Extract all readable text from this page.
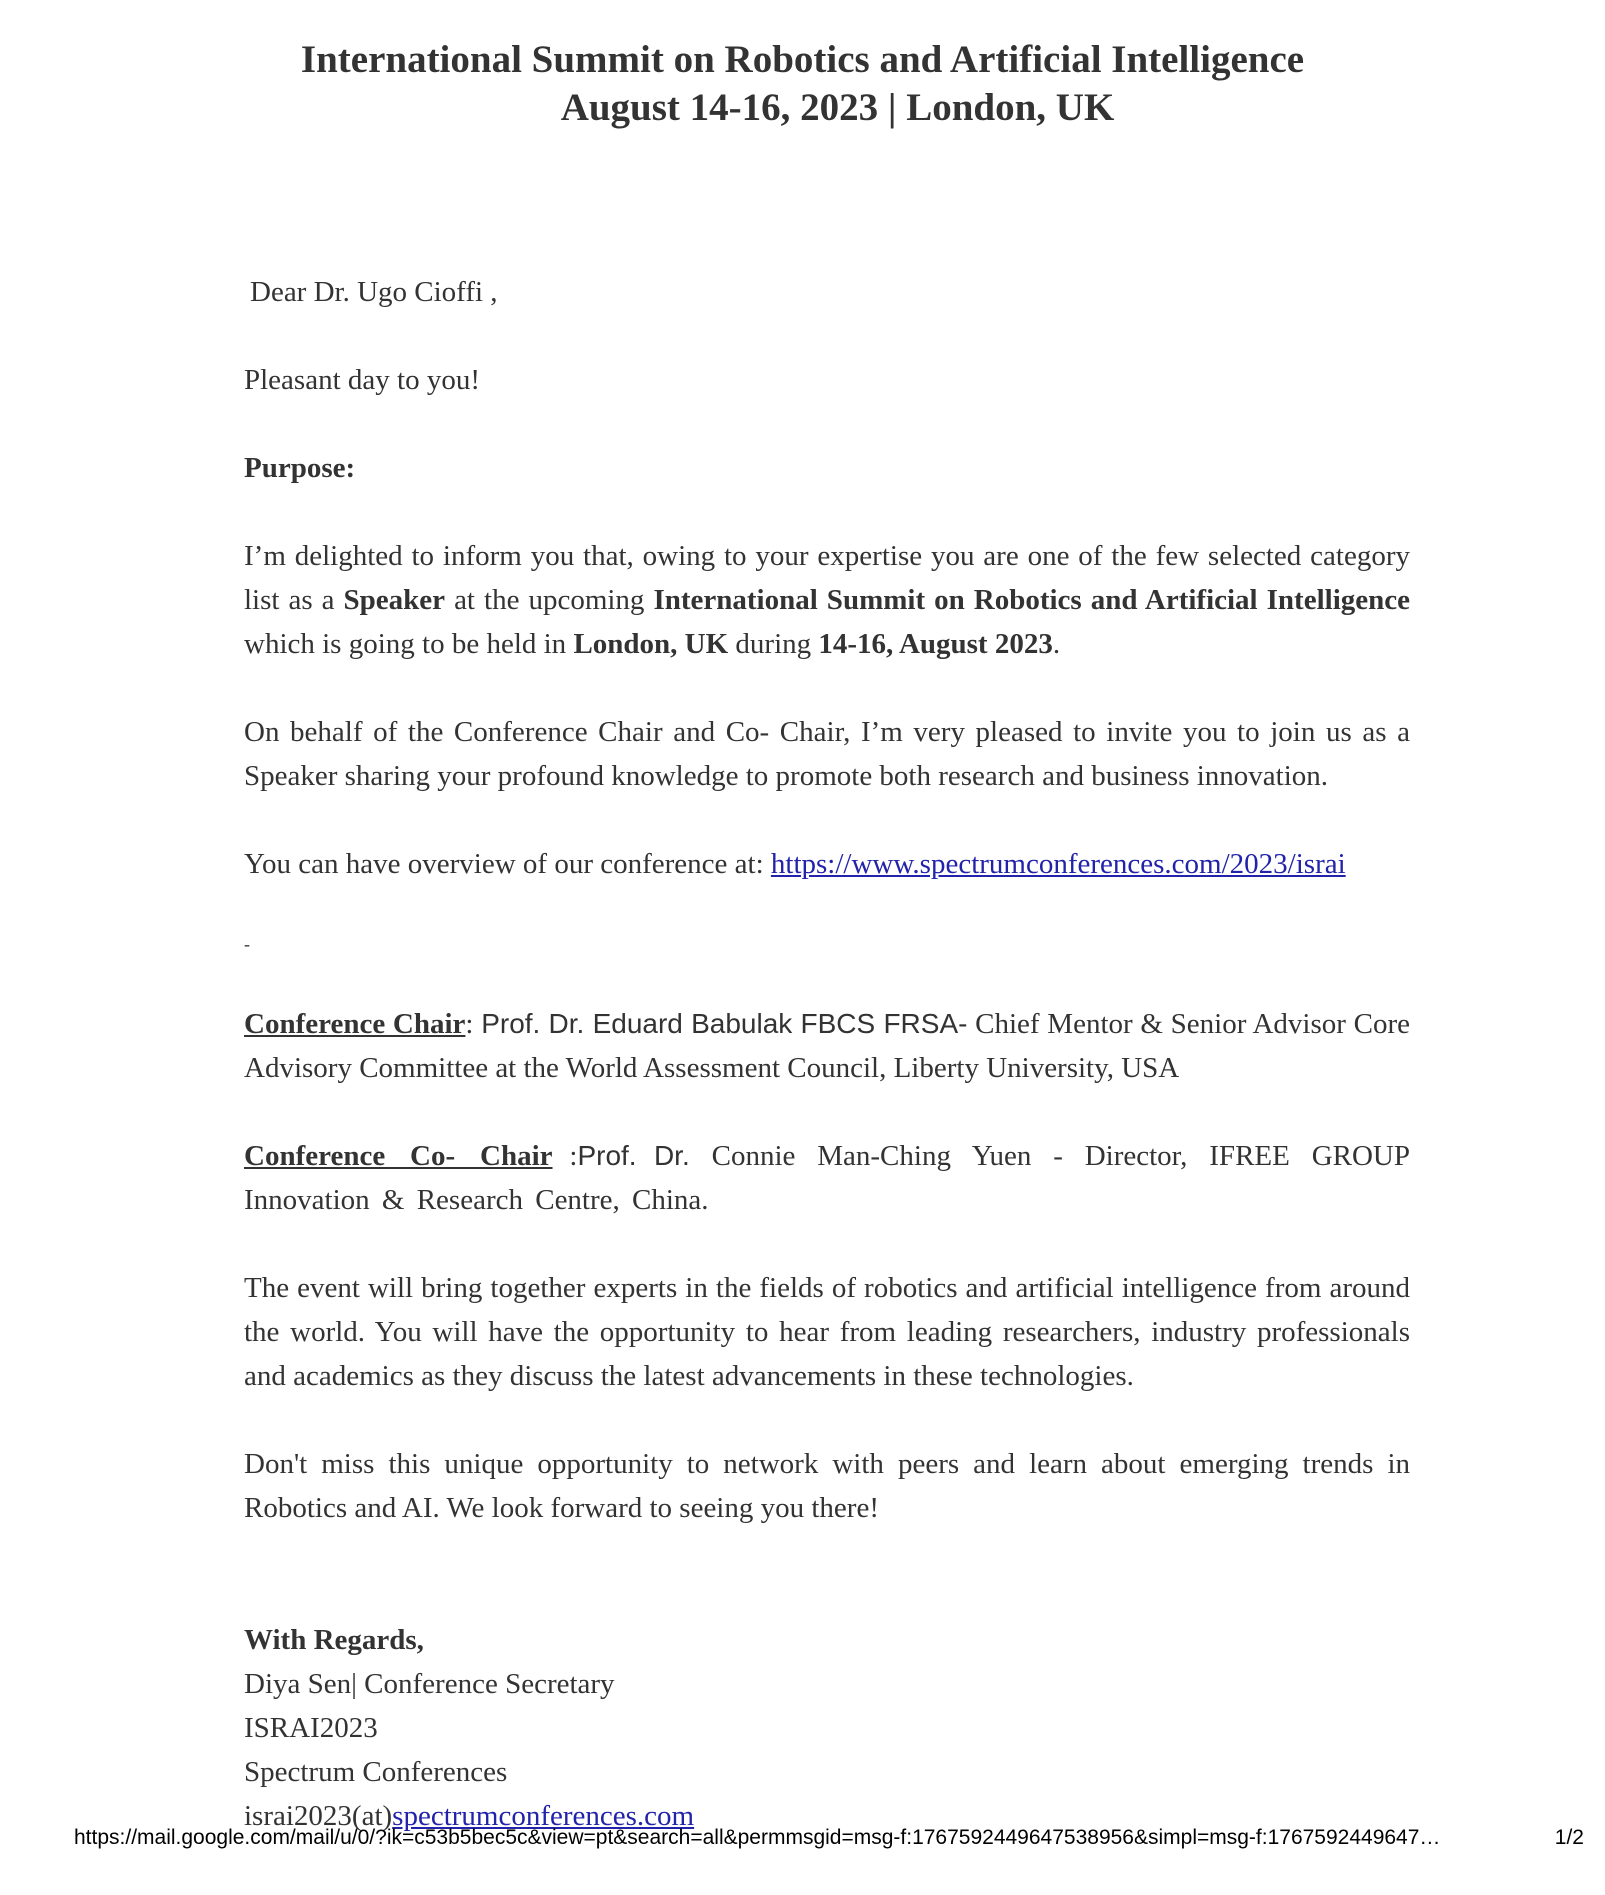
International Summit on Robotics and Artificial Intelligence
August 14-16, 2023 | London, UK

Dear Dr. Ugo Cioffi ,

Pleasant day to you!

Purpose:

I’m delighted to inform you that, owing to your expertise you are one of the few selected category list as a Speaker at the upcoming International Summit on Robotics and Artificial Intelligence which is going to be held in London, UK during 14-16, August 2023.

On behalf of the Conference Chair and Co- Chair, I’m very pleased to invite you to join us as a Speaker sharing your profound knowledge to promote both research and business innovation.

You can have overview of our conference at: https://www.spectrumconferences.com/2023/israi

-

Conference Chair: Prof. Dr. Eduard Babulak FBCS FRSA- Chief Mentor & Senior Advisor Core Advisory Committee at the World Assessment Council, Liberty University, USA

Conference Co- Chair :Prof. Dr. Connie Man-Ching Yuen - Director, IFREE GROUP Innovation & Research Centre, China.

The event will bring together experts in the fields of robotics and artificial intelligence from around the world. You will have the opportunity to hear from leading researchers, industry professionals and academics as they discuss the latest advancements in these technologies.

Don't miss this unique opportunity to network with peers and learn about emerging trends in Robotics and AI. We look forward to seeing you there!

With Regards,
Diya Sen| Conference Secretary
ISRAI2023
Spectrum Conferences
israi2023(at)spectrumconferences.com
https://mail.google.com/mail/u/0/?ik=c53b5bec5c&view=pt&search=all&permmsgid=msg-f:1767592449647538956&simpl=msg-f:1767592449647…	1/2
